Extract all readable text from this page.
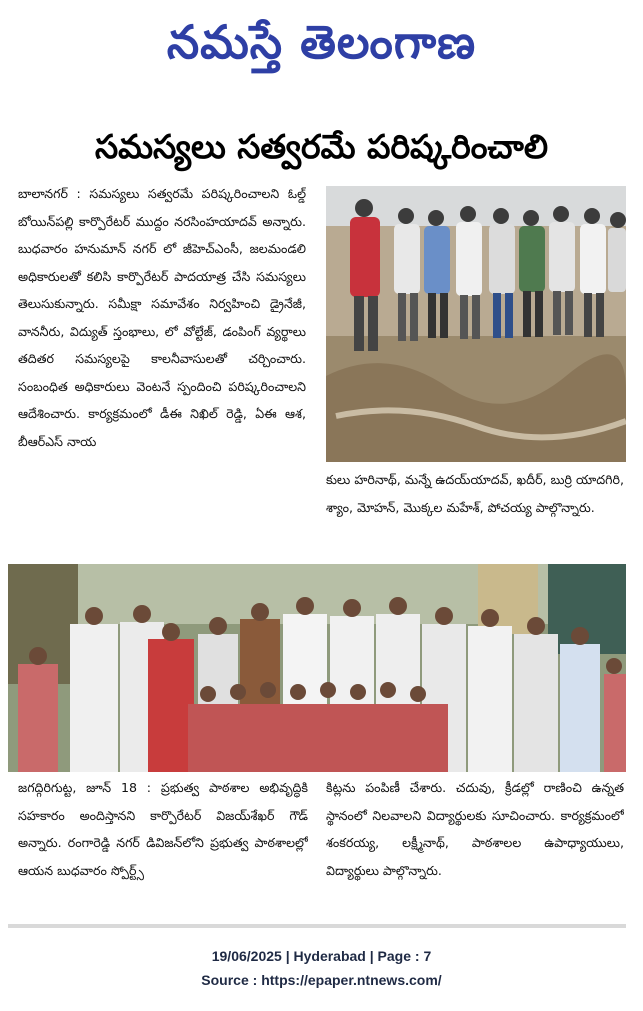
నమస్తే తెలంగాణ
సమస్యలు సత్వరమే పరిష్కరించాలి
బాలానగర్ : సమస్యలు సత్వరమే పరిష్కరించాలని ఓల్డ్ బోయిన్‌పల్లి కార్పొరేటర్ ముద్దం నరసింహయాదవ్ అన్నారు. బుధవారం హనుమాన్ నగర్ లో జీహెచ్ఎంసీ, జలమండలి అధికారులతో కలిసి కార్పొరేటర్ పాదయాత్ర చేసి సమస్యలు తెలుసుకున్నారు. సమీక్షా సమావేశం నిర్వహించి డ్రైనేజీ, వాననీరు, విద్యుత్ స్తంభాలు, లో వోల్టేజ్, డంపింగ్ వ్యర్థాలు తదితర సమస్యలపై కాలనీవాసులతో చర్చించారు. సంబంధిత అధికారులు వెంటనే స్పందించి పరిష్కరించాలని ఆదేశించారు. కార్యక్రమంలో డీఈ నిఖిల్ రెడ్డి, ఏఈ ఆశ, బీఆర్ఎస్ నాయ
కులు హరినాథ్, మన్నే ఉదయ్‌యాదవ్, ఖదీర్, బుర్రి యాదగిరి, శ్యాం, మోహన్, మొక్కల మహేశ్, పోచయ్య పాల్గొన్నారు.
జగద్గిరిగుట్ట, జూన్ 18 : ప్రభుత్వ పాఠశాల అభివృద్ధికి సహకారం అందిస్తానని కార్పొరేటర్ విజయ్‌శేఖర్ గౌడ్ అన్నారు. రంగారెడ్డి నగర్ డివిజన్‌లోని ప్రభుత్వ పాఠశాలల్లో ఆయన బుధవారం స్పోర్ట్స్
కిట్లను పంపిణీ చేశారు. చదువు, క్రీడల్లో రాణించి ఉన్నత స్థానంలో నిలవాలని విద్యార్థులకు సూచించారు. కార్యక్రమంలో శంకరయ్య, లక్ష్మీనాథ్, పాఠశాలల ఉపాధ్యాయులు, విద్యార్థులు పాల్గొన్నారు.
19/06/2025 | Hyderabad | Page : 7
Source : https://epaper.ntnews.com/
